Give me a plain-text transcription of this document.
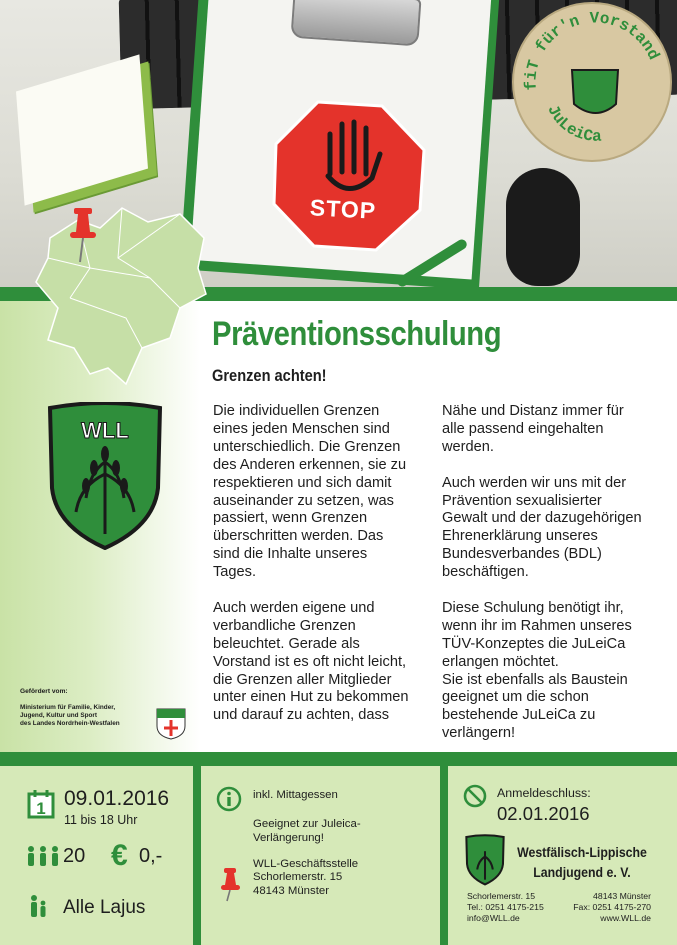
STOP
fiT für'n Vorstand
JuLeiCa
WLL
Gefördert vom:
Ministerium für Familie, Kinder,
Jugend, Kultur und Sport
des Landes Nordrhein-Westfalen
Präventionsschulung
Grenzen achten!

Die individuellen Grenzen
eines jeden Menschen sind
unterschiedlich. Die Grenzen
des Anderen erkennen, sie zu
respektieren und sich damit
auseinander zu setzen, was
passiert, wenn Grenzen
überschritten werden. Das
sind die Inhalte unseres
Tages.

Auch werden eigene und
verbandliche Grenzen
beleuchtet. Gerade als
Vorstand ist es oft nicht leicht,
die Grenzen aller Mitglieder
unter einen Hut zu bekommen
und darauf zu achten, dass

Nähe und Distanz immer für
alle passend eingehalten
werden.

Auch werden wir uns mit der
Prävention sexualisierter
Gewalt und der dazugehörigen
Ehrenerklärung unseres
Bundesverbandes (BDL)
beschäftigen.

Diese Schulung benötigt ihr,
wenn ihr im Rahmen unseres
TÜV-Konzeptes die JuLeiCa
erlangen möchtet.
Sie ist ebenfalls als Baustein
geeignet um die schon
bestehende JuLeiCa zu
verlängern!

1 09.01.2016
11 bis 18 Uhr
20 € 0,-
Alle Lajus
inkl. Mittagessen
Geeignet zur Juleica-
Verlängerung!
WLL-Geschäftsstelle
Schorlemerstr. 15
48143 Münster
Anmeldeschluss:
02.01.2016
Westfälisch-Lippische
Landjugend e. V.
Schorlemerstr. 15	48143 Münster
Tel.: 0251 4175-215	Fax: 0251 4175-270
info@WLL.de	www.WLL.de
